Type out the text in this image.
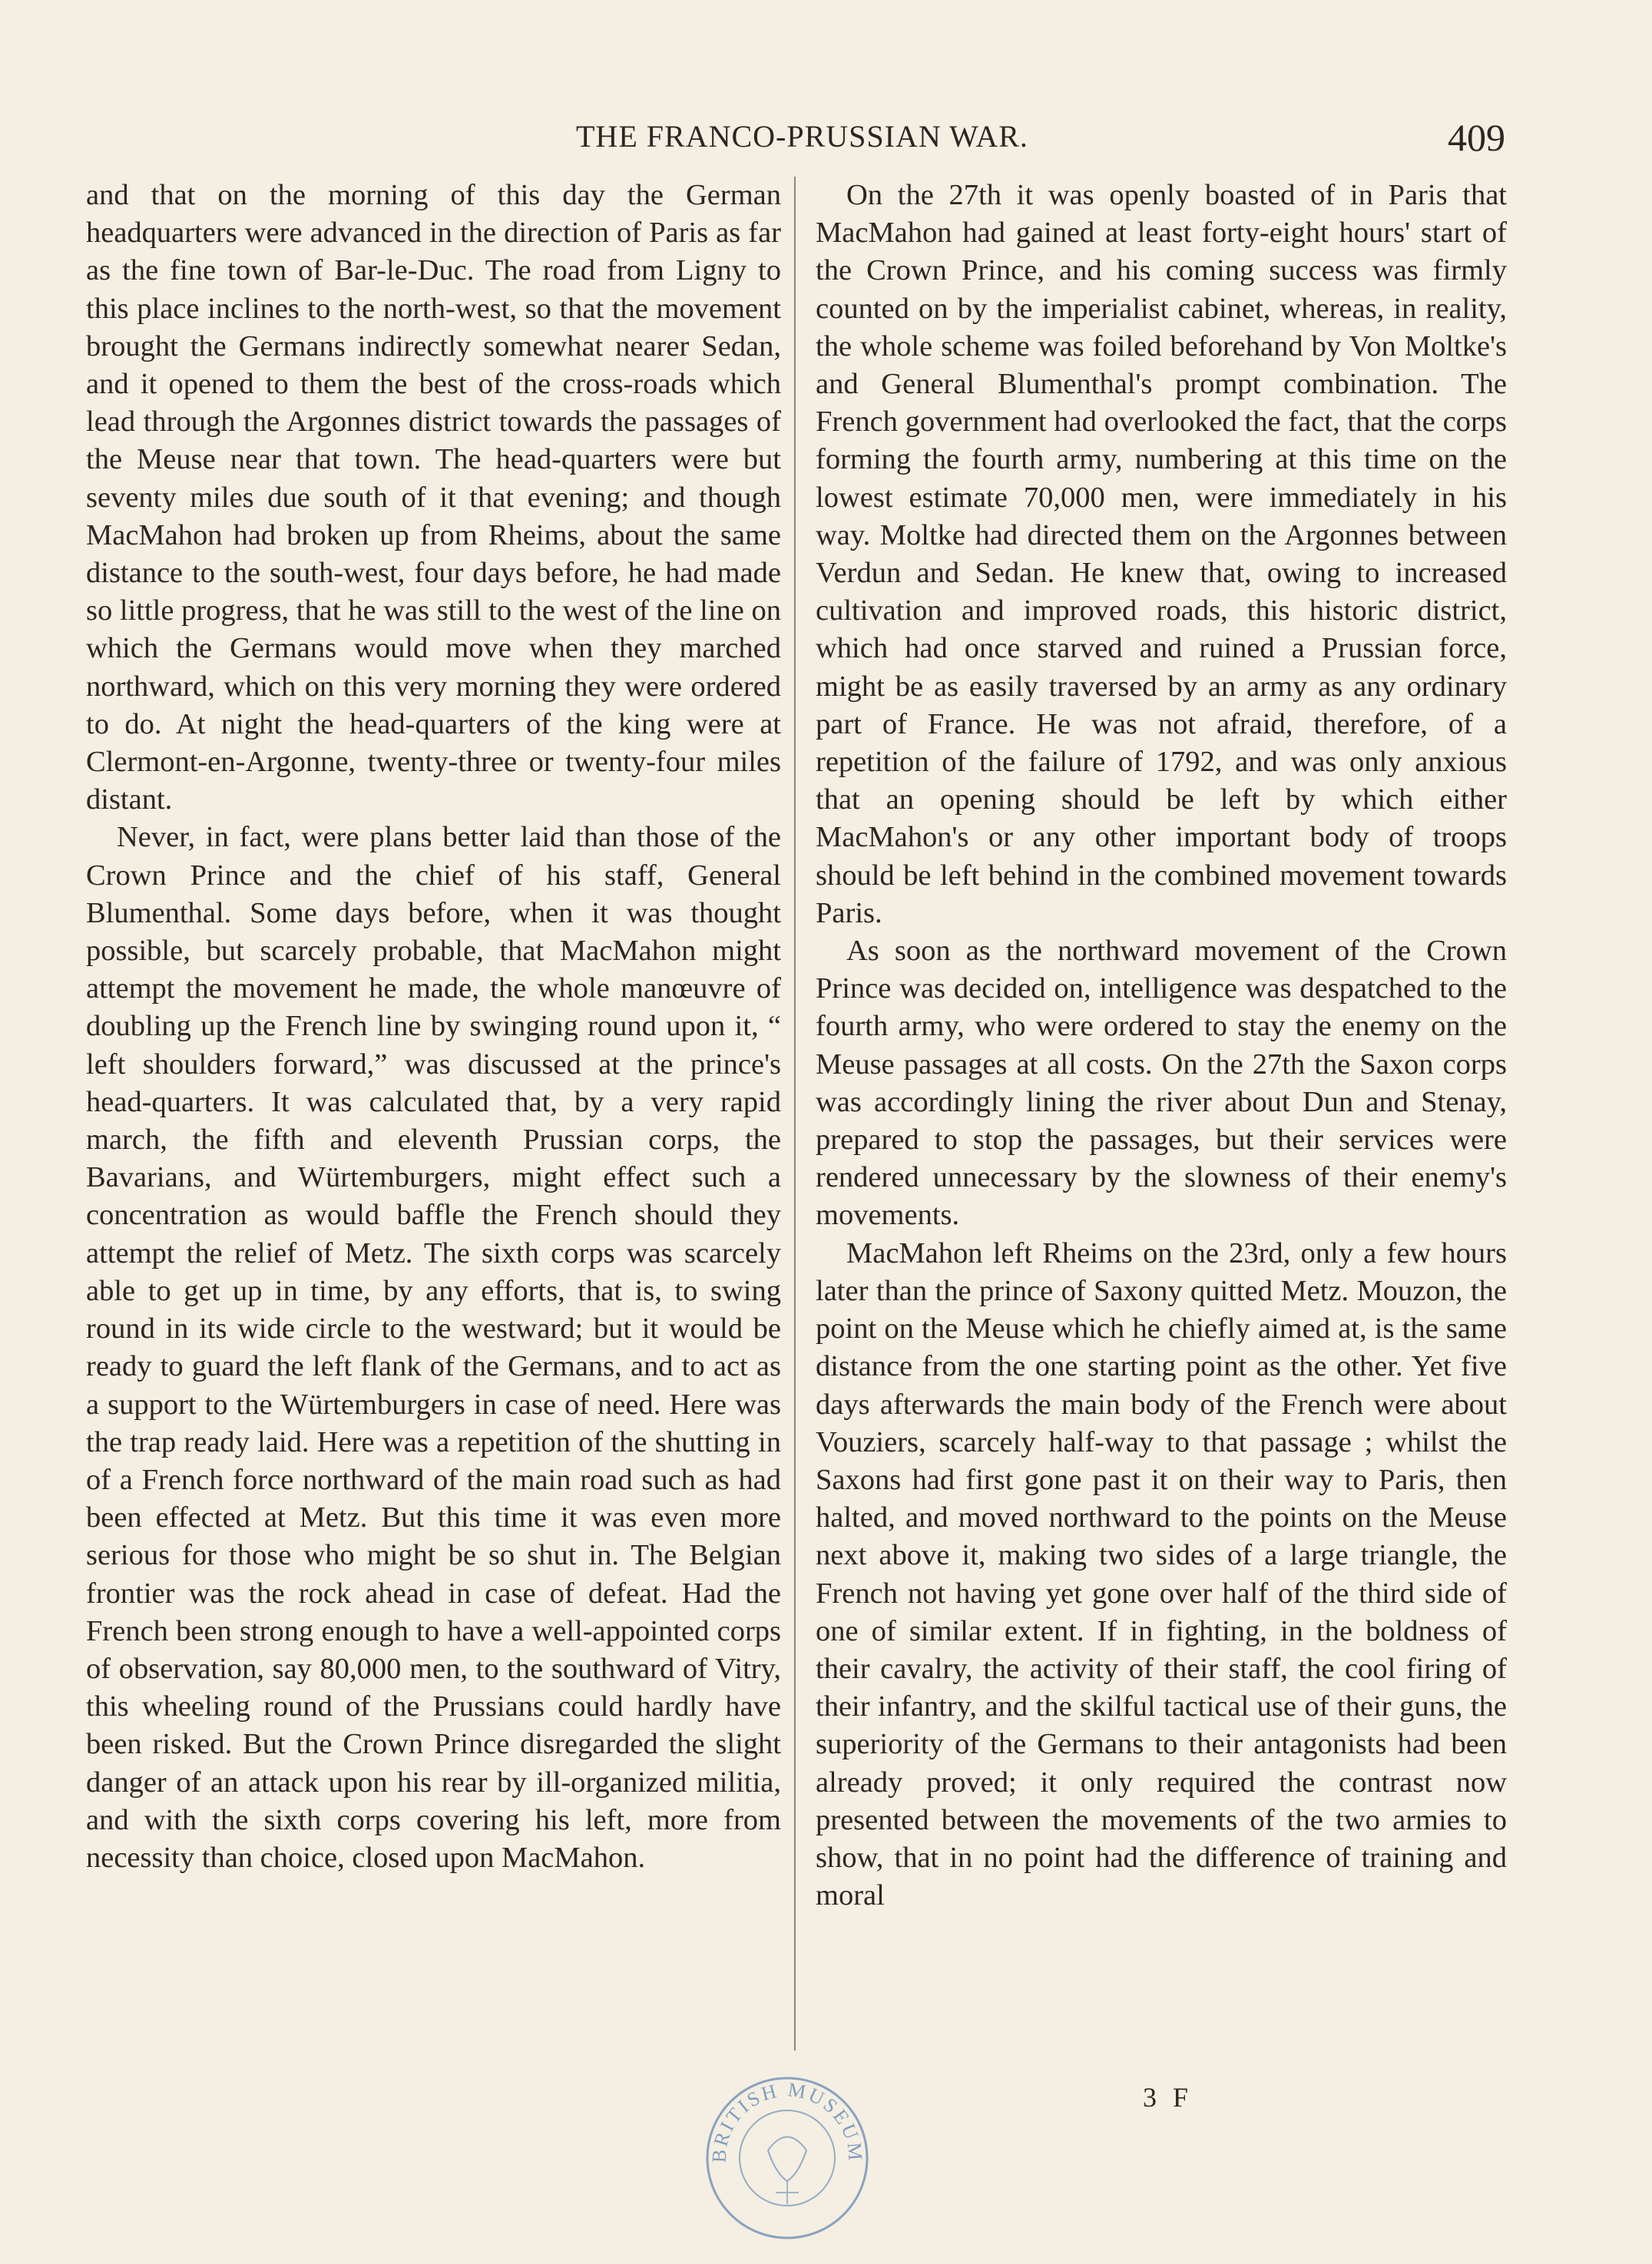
THE FRANCO-PRUSSIAN WAR.	409

and that on the morning of this day the German headquarters were advanced in the direction of Paris as far as the fine town of Bar-le-Duc. The road from Ligny to this place inclines to the north-west, so that the movement brought the Germans indirectly somewhat nearer Sedan, and it opened to them the best of the cross-roads which lead through the Argonnes district towards the passages of the Meuse near that town. The head-quarters were but seventy miles due south of it that evening; and though MacMahon had broken up from Rheims, about the same distance to the south-west, four days before, he had made so little progress, that he was still to the west of the line on which the Germans would move when they marched northward, which on this very morning they were ordered to do. At night the head-quarters of the king were at Clermont-en-Argonne, twenty-three or twenty-four miles distant.

Never, in fact, were plans better laid than those of the Crown Prince and the chief of his staff, General Blumenthal. Some days before, when it was thought possible, but scarcely probable, that MacMahon might attempt the movement he made, the whole manœuvre of doubling up the French line by swinging round upon it, “ left shoulders forward,” was discussed at the prince's head-quarters. It was calculated that, by a very rapid march, the fifth and eleventh Prussian corps, the Bavarians, and Würtemburgers, might effect such a concentration as would baffle the French should they attempt the relief of Metz. The sixth corps was scarcely able to get up in time, by any efforts, that is, to swing round in its wide circle to the westward; but it would be ready to guard the left flank of the Germans, and to act as a support to the Würtemburgers in case of need. Here was the trap ready laid. Here was a repetition of the shutting in of a French force northward of the main road such as had been effected at Metz. But this time it was even more serious for those who might be so shut in. The Belgian frontier was the rock ahead in case of defeat. Had the French been strong enough to have a well-appointed corps of observation, say 80,000 men, to the southward of Vitry, this wheeling round of the Prussians could hardly have been risked. But the Crown Prince disregarded the slight danger of an attack upon his rear by ill-organized militia, and with the sixth corps covering his left, more from necessity than choice, closed upon MacMahon.

On the 27th it was openly boasted of in Paris that MacMahon had gained at least forty-eight hours' start of the Crown Prince, and his coming success was firmly counted on by the imperialist cabinet, whereas, in reality, the whole scheme was foiled beforehand by Von Moltke's and General Blumenthal's prompt combination. The French government had overlooked the fact, that the corps forming the fourth army, numbering at this time on the lowest estimate 70,000 men, were immediately in his way. Moltke had directed them on the Argonnes between Verdun and Sedan. He knew that, owing to increased cultivation and improved roads, this historic district, which had once starved and ruined a Prussian force, might be as easily traversed by an army as any ordinary part of France. He was not afraid, therefore, of a repetition of the failure of 1792, and was only anxious that an opening should be left by which either MacMahon's or any other important body of troops should be left behind in the combined movement towards Paris.

As soon as the northward movement of the Crown Prince was decided on, intelligence was despatched to the fourth army, who were ordered to stay the enemy on the Meuse passages at all costs. On the 27th the Saxon corps was accordingly lining the river about Dun and Stenay, prepared to stop the passages, but their services were rendered unnecessary by the slowness of their enemy's movements.

MacMahon left Rheims on the 23rd, only a few hours later than the prince of Saxony quitted Metz. Mouzon, the point on the Meuse which he chiefly aimed at, is the same distance from the one starting point as the other. Yet five days afterwards the main body of the French were about Vouziers, scarcely half-way to that passage ; whilst the Saxons had first gone past it on their way to Paris, then halted, and moved northward to the points on the Meuse next above it, making two sides of a large triangle, the French not having yet gone over half of the third side of one of similar extent. If in fighting, in the boldness of their cavalry, the activity of their staff, the cool firing of their infantry, and the skilful tactical use of their guns, the superiority of the Germans to their antagonists had been already proved; it only required the contrast now presented between the movements of the two armies to show, that in no point had the difference of training and moral

3 F
BRITISH MUSEUM
